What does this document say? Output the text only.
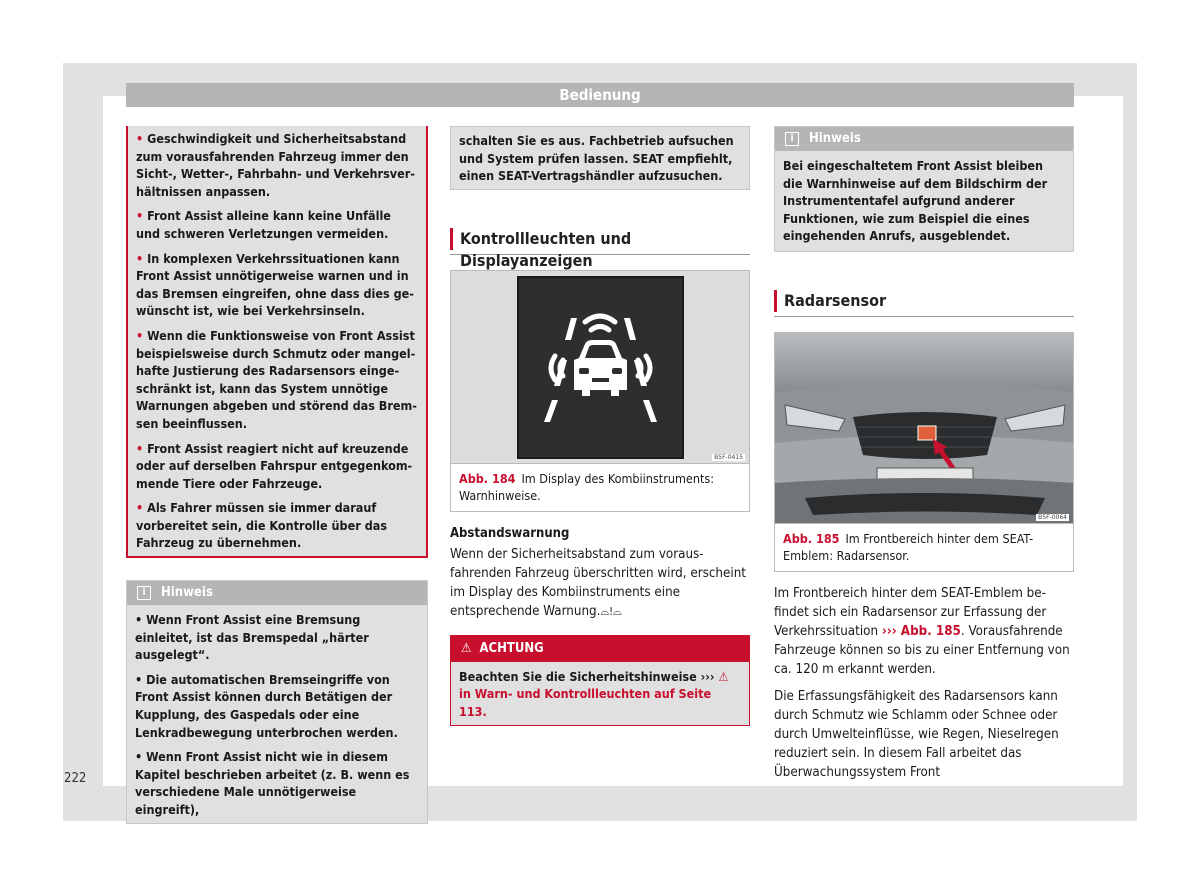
Bedienung
• Geschwindigkeit und Sicherheitsabstand zum vorausfahrenden Fahrzeug immer den Sicht-, Wetter-, Fahrbahn- und Verkehrsverhältnissen anpassen.
• Front Assist alleine kann keine Unfälle und schweren Verletzungen vermeiden.
• In komplexen Verkehrssituationen kann Front Assist unnötigerweise warnen und in das Bremsen eingreifen, ohne dass dies gewünscht ist, wie bei Verkehrsinseln.
• Wenn die Funktionsweise von Front Assist beispielsweise durch Schmutz oder mangelhafte Justierung des Radarsensors eingeschränkt ist, kann das System unnötige Warnungen abgeben und störend das Bremsen beeinflussen.
• Front Assist reagiert nicht auf kreuzende oder auf derselben Fahrspur entgegenkommende Tiere oder Fahrzeuge.
• Als Fahrer müssen sie immer darauf vorbereitet sein, die Kontrolle über das Fahrzeug zu übernehmen.
i	Hinweis
• Wenn Front Assist eine Bremsung einleitet, ist das Bremspedal „härter ausgelegt“.
• Die automatischen Bremseingriffe von Front Assist können durch Betätigen der Kupplung, des Gaspedals oder eine Lenkradbewegung unterbrochen werden.
• Wenn Front Assist nicht wie in diesem Kapitel beschrieben arbeitet (z. B. wenn es verschiedene Male unnötigerweise eingreift),
schalten Sie es aus. Fachbetrieb aufsuchen und System prüfen lassen. SEAT empfiehlt, einen SEAT-Vertragshändler aufzusuchen.
Kontrollleuchten und Displayanzeigen
B5F-0415
Abb. 184 Im Display des Kombiinstruments: Warnhinweise.
Abstandswarnung
Wenn der Sicherheitsabstand zum vorausfahrenden Fahrzeug überschritten wird, erscheint im Display des Kombiinstruments eine entsprechende Warnung.⌓!⌓
⚠ ACHTUNG
Beachten Sie die Sicherheitshinweise ››› ⚠ in Warn- und Kontrollleuchten auf Seite 113.
i	Hinweis
Bei eingeschaltetem Front Assist bleiben die Warnhinweise auf dem Bildschirm der Instrumententafel aufgrund anderer Funktionen, wie zum Beispiel die eines eingehenden Anrufs, ausgeblendet.
Radarsensor
B5F-0064
Abb. 185 Im Frontbereich hinter dem SEAT-Emblem: Radarsensor.
Im Frontbereich hinter dem SEAT-Emblem befindet sich ein Radarsensor zur Erfassung der Verkehrssituation ››› Abb. 185. Vorausfahrende Fahrzeuge können so bis zu einer Entfernung von ca. 120 m erkannt werden.
Die Erfassungsfähigkeit des Radarsensors kann durch Schmutz wie Schlamm oder Schnee oder durch Umwelteinflüsse, wie Regen, Nieselregen reduziert sein. In diesem Fall arbeitet das Überwachungssystem Front
222
